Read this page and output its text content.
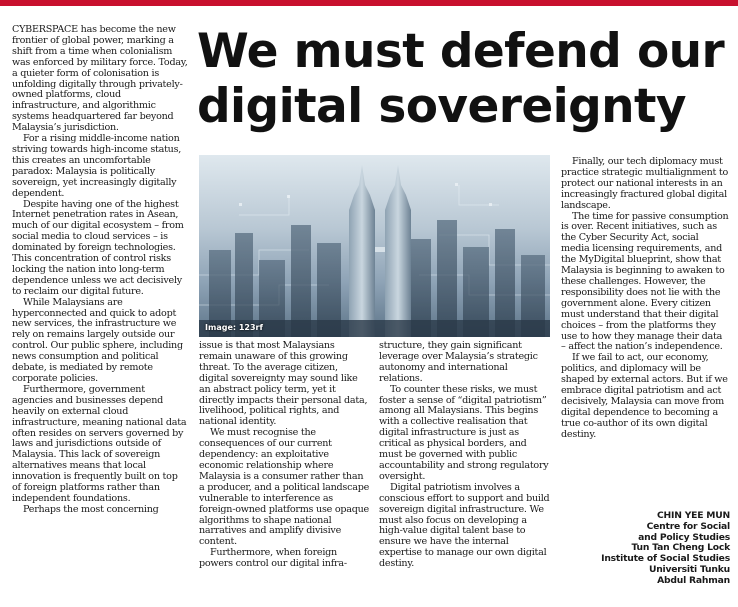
We must defend our
digital sovereignty

CYBERSPACE has become the new frontier of global power, marking a shift from a time when colonialism was enforced by military force. Today, a quieter form of colonisation is unfolding digitally through privately-owned platforms, cloud infrastructure, and algorithmic systems headquartered far beyond Malaysia’s jurisdiction.

For a rising middle-income nation striving towards high-income status, this creates an uncomfortable paradox: Malaysia is politically sovereign, yet increasingly digitally dependent.

Despite having one of the highest Internet penetration rates in Asean, much of our digital ecosystem – from social media to cloud services – is dominated by foreign technologies. This concentration of control risks locking the nation into long-term dependence unless we act decisively to reclaim our digital future.

While Malaysians are hyperconnected and quick to adopt new services, the infrastructure we rely on remains largely outside our control. Our public sphere, including news consumption and political debate, is mediated by remote corporate policies.

Furthermore, government agencies and businesses depend heavily on external cloud infrastructure, meaning national data often resides on servers governed by laws and jurisdictions outside of Malaysia. This lack of sovereign alternatives means that local innovation is frequently built on top of foreign platforms rather than independent foundations.

Perhaps the most concerning

Image: 123rf

issue is that most Malaysians remain unaware of this growing threat. To the average citizen, digital sovereignty may sound like an abstract policy term, yet it directly impacts their personal data, livelihood, political rights, and national identity.

We must recognise the consequences of our current dependency: an exploitative economic relationship where Malaysia is a consumer rather than a producer, and a political landscape vulnerable to interference as foreign-owned platforms use opaque algorithms to shape national narratives and amplify divisive content.

Furthermore, when foreign powers control our digital infra-

structure, they gain significant leverage over Malaysia’s strategic autonomy and international relations.

To counter these risks, we must foster a sense of “digital patriotism” among all Malaysians. This begins with a collective realisation that digital infrastructure is just as critical as physical borders, and must be governed with public accountability and strong regulatory oversight.

Digital patriotism involves a conscious effort to support and build sovereign digital infrastructure. We must also focus on developing a high-value digital talent base to ensure we have the internal expertise to manage our own digital destiny.

Finally, our tech diplomacy must practice strategic multialignment to protect our national interests in an increasingly fractured global digital landscape.

The time for passive consumption is over. Recent initiatives, such as the Cyber Security Act, social media licensing requirements, and the MyDigital blueprint, show that Malaysia is beginning to awaken to these challenges. However, the responsibility does not lie with the government alone. Every citizen must understand that their digital choices – from the platforms they use to how they manage their data – affect the nation’s independence.

If we fail to act, our economy, politics, and diplomacy will be shaped by external actors. But if we embrace digital patriotism and act decisively, Malaysia can move from digital dependence to becoming a true co-author of its own digital destiny.

CHIN YEE MUN
Centre for Social
and Policy Studies
Tun Tan Cheng Lock
Institute of Social Studies
Universiti Tunku
Abdul Rahman
